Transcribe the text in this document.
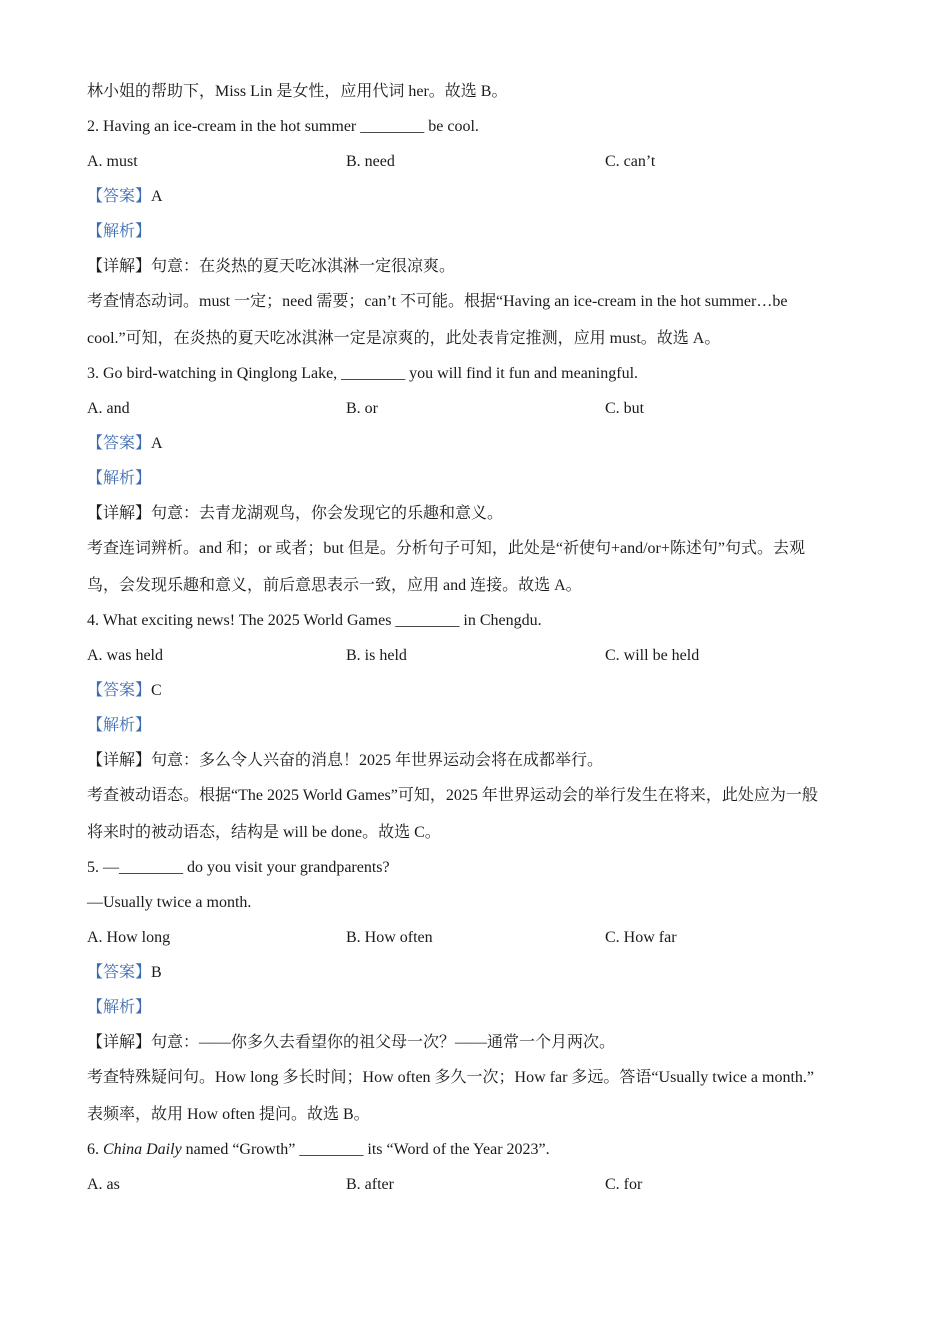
林小姐的帮助下，Miss Lin 是女性，应用代词 her。故选 B。
2. Having an ice-cream in the hot summer ________ be cool.
A. must	B. need	C. can’t
【答案】A
【解析】
【详解】句意：在炎热的夏天吃冰淇淋一定很凉爽。
考查情态动词。must 一定；need 需要；can’t 不可能。根据“Having an ice-cream in the hot summer…be
cool.”可知，在炎热的夏天吃冰淇淋一定是凉爽的，此处表肯定推测，应用 must。故选 A。
3. Go bird-watching in Qinglong Lake, ________ you will find it fun and meaningful.
A. and	B. or	C. but
【答案】A
【解析】
【详解】句意：去青龙湖观鸟，你会发现它的乐趣和意义。
考查连词辨析。and 和；or 或者；but 但是。分析句子可知，此处是“祈使句+and/or+陈述句”句式。去观
鸟，会发现乐趣和意义，前后意思表示一致，应用 and 连接。故选 A。
4. What exciting news! The 2025 World Games ________ in Chengdu.
A. was held	B. is held	C. will be held
【答案】C
【解析】
【详解】句意：多么令人兴奋的消息！2025 年世界运动会将在成都举行。
考查被动语态。根据“The 2025 World Games”可知，2025 年世界运动会的举行发生在将来，此处应为一般
将来时的被动语态，结构是 will be done。故选 C。
5. —________ do you visit your grandparents?
—Usually twice a month.
A. How long	B. How often	C. How far
【答案】B
【解析】
【详解】句意：——你多久去看望你的祖父母一次？——通常一个月两次。
考查特殊疑问句。How long 多长时间；How often 多久一次；How far 多远。答语“Usually twice a month.”
表频率，故用 How often 提问。故选 B。
6. China Daily named “Growth” ________ its “Word of the Year 2023”.
A. as	B. after	C. for
